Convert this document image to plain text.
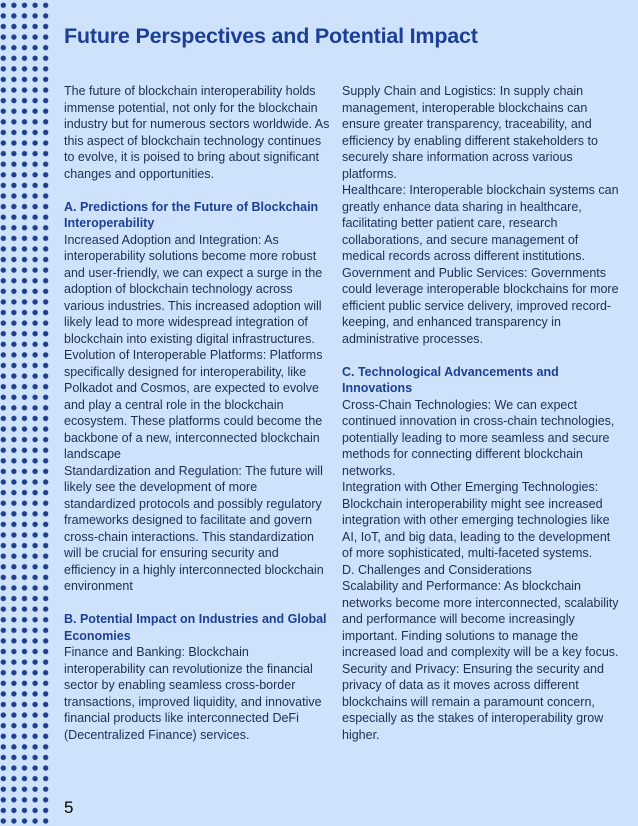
Future Perspectives and Potential Impact

The future of blockchain interoperability holds immense potential, not only for the blockchain industry but for numerous sectors worldwide. As this aspect of blockchain technology continues to evolve, it is poised to bring about significant changes and opportunities.

A. Predictions for the Future of Blockchain Interoperability

Increased Adoption and Integration: As interoperability solutions become more robust and user-friendly, we can expect a surge in the adoption of blockchain technology across various industries. This increased adoption will likely lead to more widespread integration of blockchain into existing digital infrastructures.

Evolution of Interoperable Platforms: Platforms specifically designed for interoperability, like Polkadot and Cosmos, are expected to evolve and play a central role in the blockchain ecosystem. These platforms could become the backbone of a new, interconnected blockchain landscape

Standardization and Regulation: The future will likely see the development of more standardized protocols and possibly regulatory frameworks designed to facilitate and govern cross-chain interactions. This standardization will be crucial for ensuring security and efficiency in a highly interconnected blockchain environment

B. Potential Impact on Industries and Global Economies

Finance and Banking: Blockchain interoperability can revolutionize the financial sector by enabling seamless cross-border transactions, improved liquidity, and innovative financial products like interconnected DeFi (Decentralized Finance) services.

Supply Chain and Logistics: In supply chain management, interoperable blockchains can ensure greater transparency, traceability, and efficiency by enabling different stakeholders to securely share information across various platforms.

Healthcare: Interoperable blockchain systems can greatly enhance data sharing in healthcare, facilitating better patient care, research collaborations, and secure management of medical records across different institutions.

Government and Public Services: Governments could leverage interoperable blockchains for more efficient public service delivery, improved record-keeping, and enhanced transparency in administrative processes.

C. Technological Advancements and Innovations

Cross-Chain Technologies: We can expect continued innovation in cross-chain technologies, potentially leading to more seamless and secure methods for connecting different blockchain networks.

Integration with Other Emerging Technologies: Blockchain interoperability might see increased integration with other emerging technologies like AI, IoT, and big data, leading to the development of more sophisticated, multi-faceted systems.

D. Challenges and Considerations

Scalability and Performance: As blockchain networks become more interconnected, scalability and performance will become increasingly important. Finding solutions to manage the increased load and complexity will be a key focus.

Security and Privacy: Ensuring the security and privacy of data as it moves across different blockchains will remain a paramount concern, especially as the stakes of interoperability grow higher.

5
